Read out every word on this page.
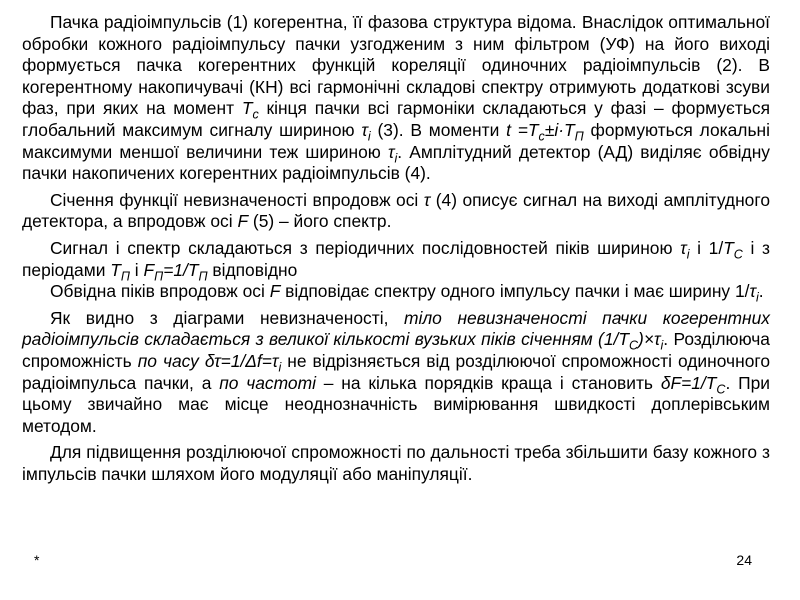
Пачка радіоімпульсів (1) когерентна, її фазова структура відома. Внаслідок оптимальної обробки кожного радіоімпульсу пачки узгодженим з ним фільтром (УФ) на його виході формується пачка когерентних функцій кореляції одиночних радіоімпульсів (2). В когерентному накопичувачі (КН) всі гармонічні складові спектру отримують додаткові зсуви фаз, при яких на момент $T_c$ кінця пачки всі гармоніки складаються у фазі – формується глобальний максимум сигналу шириною $\tau_i$ (3). В моменти $t =T_c\pm i\cdot T_П$ формуються локальні максимуми меншої величини теж шириною $\tau_i$. Амплітудний детектор (АД) виділяє обвідну пачки накопичених когерентних радіоімпульсів (4).

Січення функції невизначеності впродовж осі τ (4) описує сигнал на виході амплітудного детектора, а впродовж осі F (5) – його спектр.

Сигнал і спектр складаються з періодичних послідовностей піків шириною $\tau_i$ і $1/T_C$ і з періодами $T_П$ і $F_П=1/T_П$ відповідно

Обвідна піків впродовж осі F відповідає спектру одного імпульсу пачки і має ширину $1/\tau_i$.

Як видно з діаграми невизначеності, тіло невизначеності пачки когерентних радіоімпульсів складається з великої кількості вузьких піків січенням $(1/T_C)\times\tau_i$. Розділююча спроможність по часу $\delta\tau=1/\Delta f=\tau_i$ не відрізняється від розділюючої спроможності одиночного радіоімпульса пачки, а по частоті – на кілька порядків краща і становить $\delta F=1/T_C$. При цьому звичайно має місце неоднозначність вимірювання швидкості доплерівським методом.

Для підвищення розділюючої спроможності по дальності треба збільшити базу кожного з імпульсів пачки шляхом його модуляції або маніпуляції.

*	24
